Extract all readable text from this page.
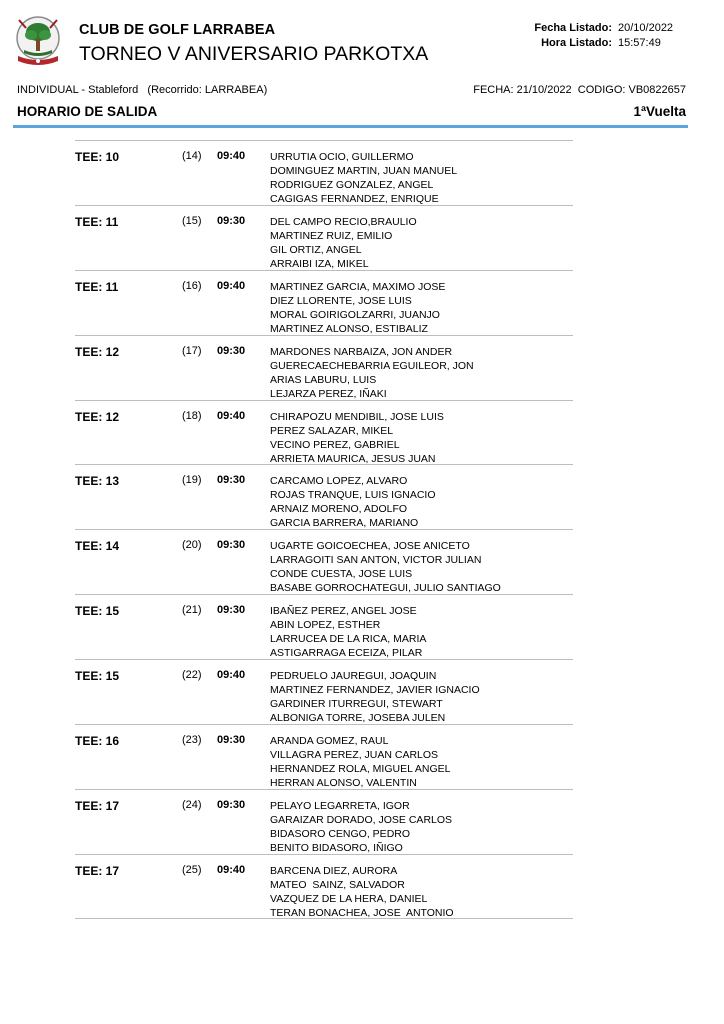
CLUB DE GOLF LARRABEA
TORNEO V ANIVERSARIO PARKOTXA
Fecha Listado: 20/10/2022
Hora Listado: 15:57:49
INDIVIDUAL - Stableford   (Recorrido: LARRABEA)	FECHA: 21/10/2022  CODIGO: VB0822657
HORARIO DE SALIDA	1ªVuelta
TEE: 10	(14) 09:40 URRUTIA OCIO, GUILLERMO
DOMINGUEZ MARTIN, JUAN MANUEL
RODRIGUEZ GONZALEZ, ANGEL
CAGIGAS FERNANDEZ, ENRIQUE
TEE: 11	(15) 09:30 DEL CAMPO RECIO,BRAULIO
MARTINEZ RUIZ, EMILIO
GIL ORTIZ, ANGEL
ARRAIBI IZA, MIKEL
TEE: 11	(16) 09:40 MARTINEZ GARCIA, MAXIMO JOSE
DIEZ LLORENTE, JOSE LUIS
MORAL GOIRIGOLZARRI, JUANJO
MARTINEZ ALONSO, ESTIBALIZ
TEE: 12	(17) 09:30 MARDONES NARBAIZA, JON ANDER
GUERECAECHEBARRIA EGUILEOR, JON
ARIAS LABURU, LUIS
LEJARZA PEREZ, IÑAKI
TEE: 12	(18) 09:40 CHIRAPOZU MENDIBIL, JOSE LUIS
PEREZ SALAZAR, MIKEL
VECINO PEREZ, GABRIEL
ARRIETA MAURICA, JESUS JUAN
TEE: 13	(19) 09:30 CARCAMO LOPEZ, ALVARO
ROJAS TRANQUE, LUIS IGNACIO
ARNAIZ MORENO, ADOLFO
GARCIA BARRERA, MARIANO
TEE: 14	(20) 09:30 UGARTE GOICOECHEA, JOSE ANICETO
LARRAGOITI SAN ANTON, VICTOR JULIAN
CONDE CUESTA, JOSE LUIS
BASABE GORROCHATEGUI, JULIO SANTIAGO
TEE: 15	(21) 09:30 IBAÑEZ PEREZ, ANGEL JOSE
ABIN LOPEZ, ESTHER
LARRUCEA DE LA RICA, MARIA
ASTIGARRAGA ECEIZA, PILAR
TEE: 15	(22) 09:40 PEDRUELO JAUREGUI, JOAQUIN
MARTINEZ FERNANDEZ, JAVIER IGNACIO
GARDINER ITURREGUI, STEWART
ALBONIGA TORRE, JOSEBA JULEN
TEE: 16	(23) 09:30 ARANDA GOMEZ, RAUL
VILLAGRA PEREZ, JUAN CARLOS
HERNANDEZ ROLA, MIGUEL ANGEL
HERRAN ALONSO, VALENTIN
TEE: 17	(24) 09:30 PELAYO LEGARRETA, IGOR
GARAIZAR DORADO, JOSE CARLOS
BIDASORO CENGO, PEDRO
BENITO BIDASORO, IÑIGO
TEE: 17	(25) 09:40 BARCENA DIEZ, AURORA
MATEO  SAINZ, SALVADOR
VAZQUEZ DE LA HERA, DANIEL
TERAN BONACHEA, JOSE  ANTONIO
